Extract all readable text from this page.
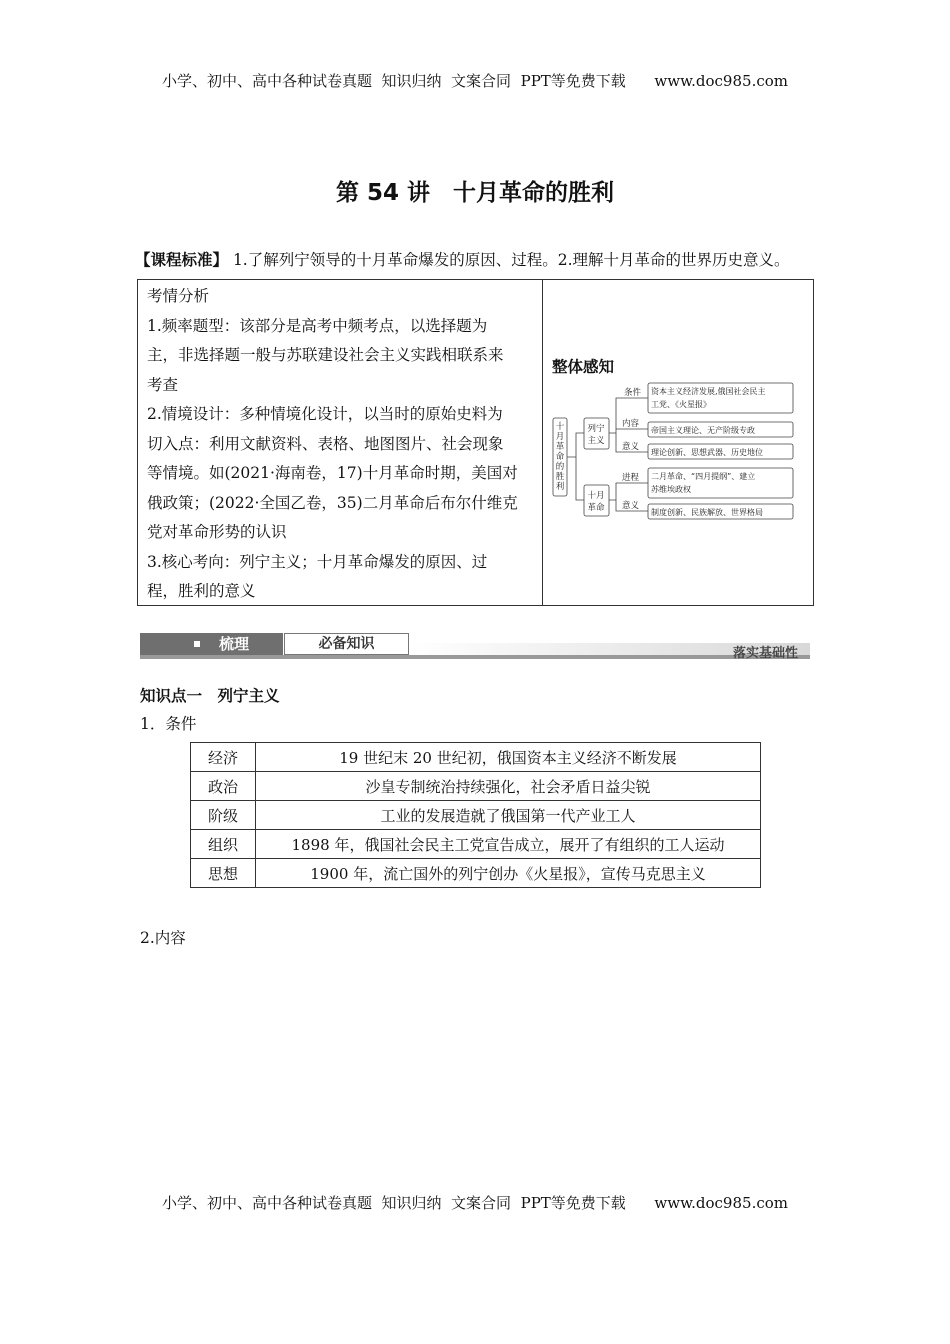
小学、初中、高中各种试卷真题  知识归纳  文案合同  PPT等免费下载      www.doc985.com
第 54 讲　十月革命的胜利
【课程标准】 1.了解列宁领导的十月革命爆发的原因、过程。2.理解十月革命的世界历史意义。
考情分析
1.频率题型：该部分是高考中频考点，以选择题为
主，非选择题一般与苏联建设社会主义实践相联系来
考查
2.情境设计：多种情境化设计，以当时的原始史料为
切入点：利用文献资料、表格、地图图片、社会现象
等情境。如(2021·海南卷，17)十月革命时期，美国对
俄政策；(2022·全国乙卷，35)二月革命后布尔什维克
党对革命形势的认识
3.核心考向：列宁主义；十月革命爆发的原因、过
程，胜利的意义
整体感知
十
月
革
命
的
胜
利
列宁
主义
十月
革命
条件
内容
意义
进程
意义
资本主义经济发展,俄国社会民主
工党、《火星报》
帝国主义理论、无产阶级专政
理论创新、思想武器、历史地位
二月革命、“四月提纲”、建立
苏维埃政权
制度创新、民族解放、世界格局
梳理	必备知识
落实基础性
知识点一　列宁主义
1．条件
经济	19 世纪末 20 世纪初，俄国资本主义经济不断发展
政治	沙皇专制统治持续强化，社会矛盾日益尖锐
阶级	工业的发展造就了俄国第一代产业工人
组织	1898 年，俄国社会民主工党宣告成立，展开了有组织的工人运动
思想	1900 年，流亡国外的列宁创办《火星报》，宣传马克思主义
2.内容
小学、初中、高中各种试卷真题  知识归纳  文案合同  PPT等免费下载      www.doc985.com
